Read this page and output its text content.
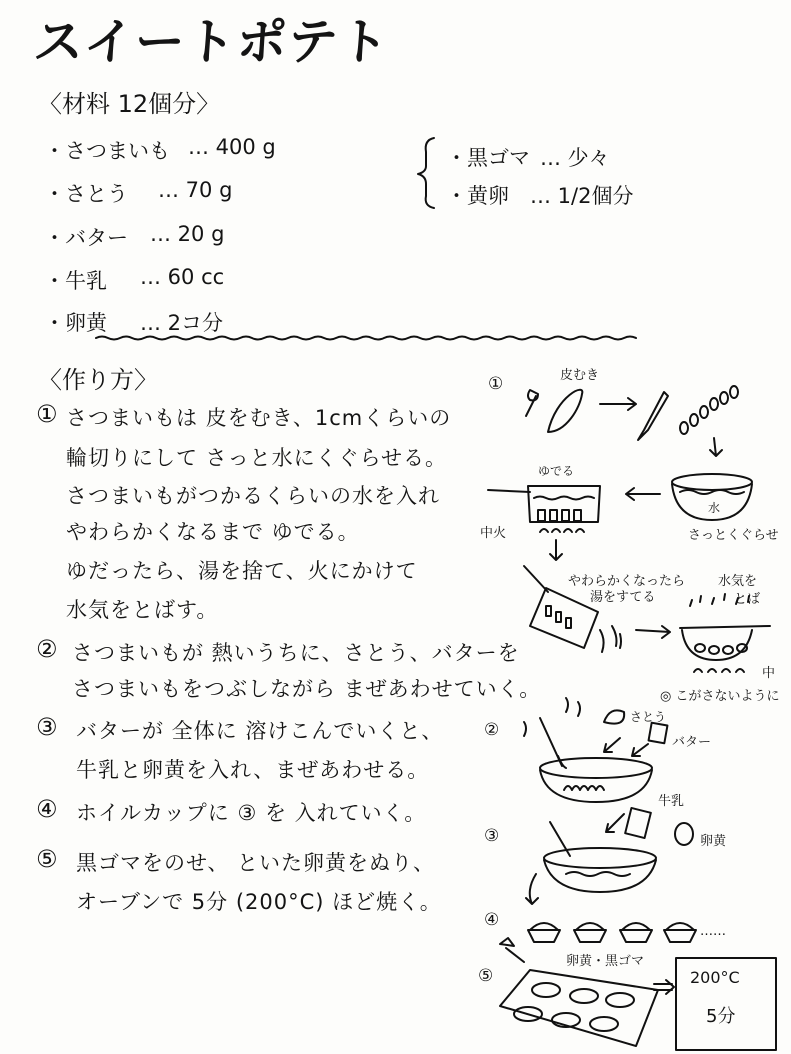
スイートポテト
〈材料 12個分〉
・さつまいも … 400 g
・さとう … 70 g
・バター … 20 g
・牛乳 … 60 cc
・卵黄 … 2コ分
・黒ゴマ … 少々
・黄卵 … 1/2個分
〈作り方〉
① さつまいもは 皮をむき、1cmくらいの
輪切りにして さっと水にくぐらせる。
さつまいもがつかるくらいの水を入れ
やわらかくなるまで ゆでる。
ゆだったら、湯を捨て、火にかけて
水気をとばす。
② さつまいもが 熱いうちに、さとう、バターを
さつまいもをつぶしながら まぜあわせていく。
③ バターが 全体に 溶けこんでいくと、
牛乳と卵黄を入れ、まぜあわせる。
④ ホイルカップに ③ を 入れていく。
⑤ 黒ゴマをのせ、 といた卵黄をぬり、
オーブンで 5分 (200°C) ほど焼く。
①	皮むき
ゆでる
中火
水
さっとくぐらせ
やわらかくなったら
湯をすてる
水気を
とば
中
◎ こがさないように
②
さとう
バター
③
牛乳
卵黄
④
……
⑤
卵黄・黒ゴマ
200°C
5分
